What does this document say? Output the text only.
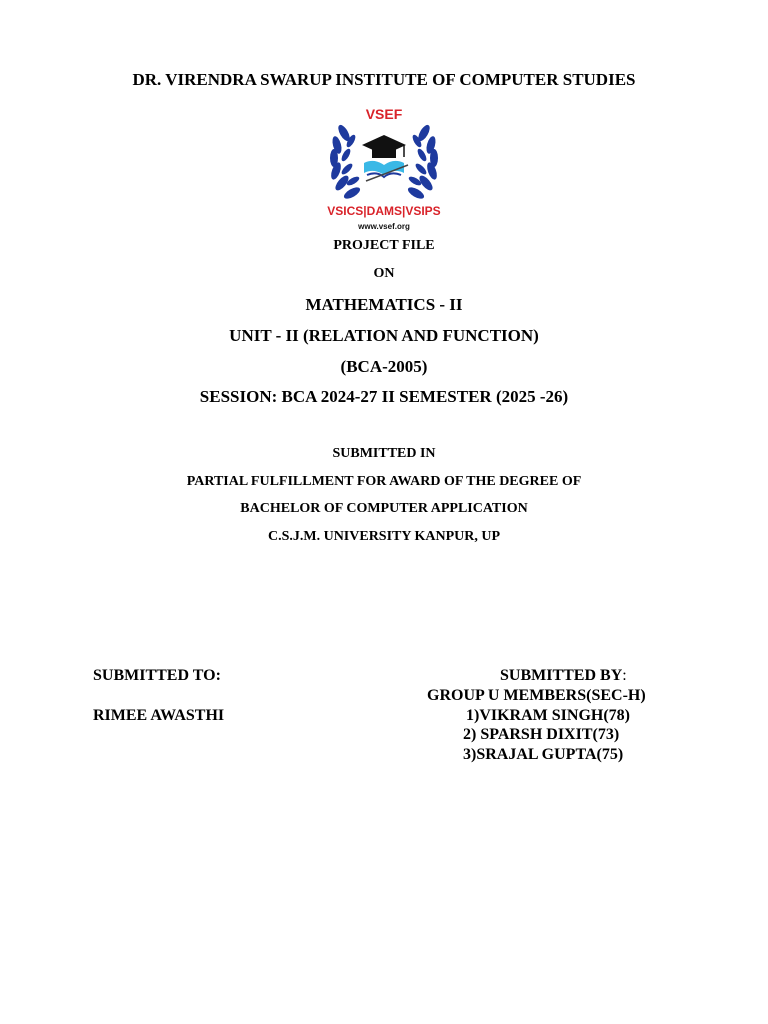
DR. VIRENDRA SWARUP INSTITUTE OF COMPUTER STUDIES
VSEF
VSICS|DAMS|VSIPS
www.vsef.org
PROJECT FILE
ON
MATHEMATICS - II
UNIT - II (RELATION AND FUNCTION)
(BCA-2005)
SESSION: BCA 2024-27 II SEMESTER (2025 -26)
SUBMITTED IN
PARTIAL FULFILLMENT FOR AWARD OF THE DEGREE OF
BACHELOR OF COMPUTER APPLICATION
C.S.J.M. UNIVERSITY KANPUR, UP
SUBMITTED TO:
RIMEE AWASTHI
SUBMITTED BY:
GROUP U MEMBERS(SEC-H)
1)VIKRAM SINGH(78)
2) SPARSH DIXIT(73)
3)SRAJAL GUPTA(75)
